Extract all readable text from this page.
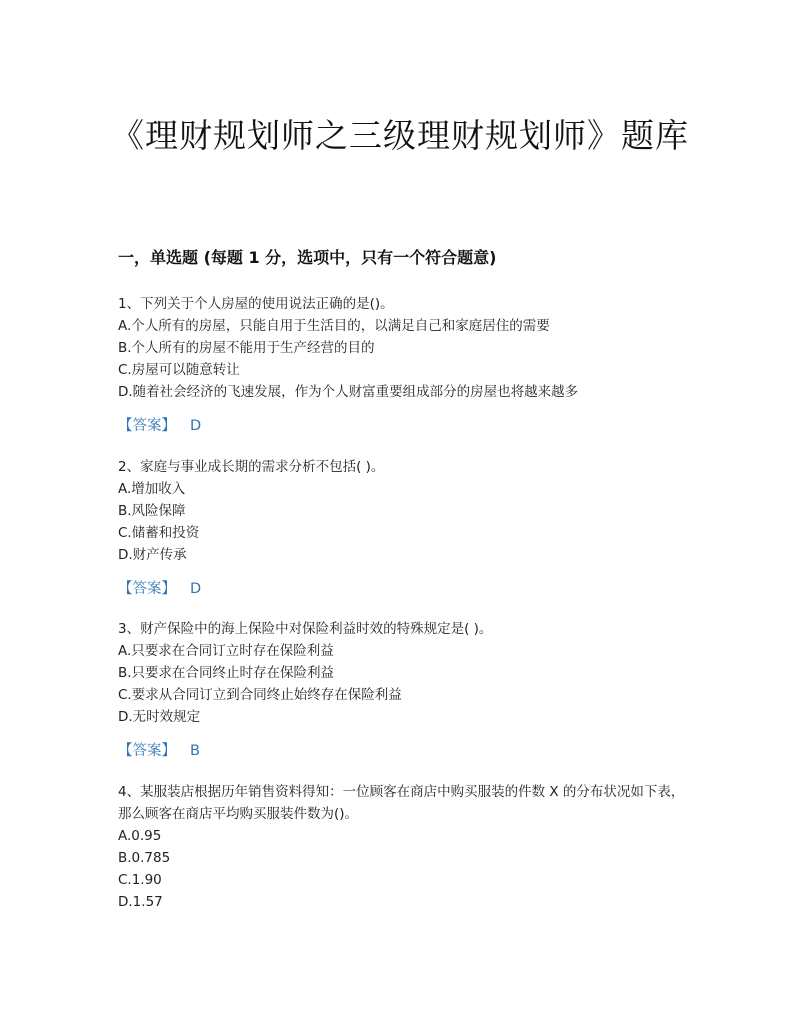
《理财规划师之三级理财规划师》题库
一，单选题 (每题 1 分，选项中，只有一个符合题意)

1、下列关于个人房屋的使用说法正确的是()。

A.个人所有的房屋，只能自用于生活目的，以满足自己和家庭居住的需要

B.个人所有的房屋不能用于生产经营的目的

C.房屋可以随意转让

D.随着社会经济的飞速发展，作为个人财富重要组成部分的房屋也将越来越多

【答案】 D

2、家庭与事业成长期的需求分析不包括( )。

A.增加收入

B.风险保障

C.储蓄和投资

D.财产传承

【答案】 D

3、财产保险中的海上保险中对保险利益时效的特殊规定是( )。

A.只要求在合同订立时存在保险利益

B.只要求在合同终止时存在保险利益

C.要求从合同订立到合同终止始终存在保险利益

D.无时效规定

【答案】 B

4、某服装店根据历年销售资料得知：一位顾客在商店中购买服装的件数 X 的分布状况如下表，那么顾客在商店平均购买服装件数为()。

A.0.95

B.0.785

C.1.90

D.1.57
